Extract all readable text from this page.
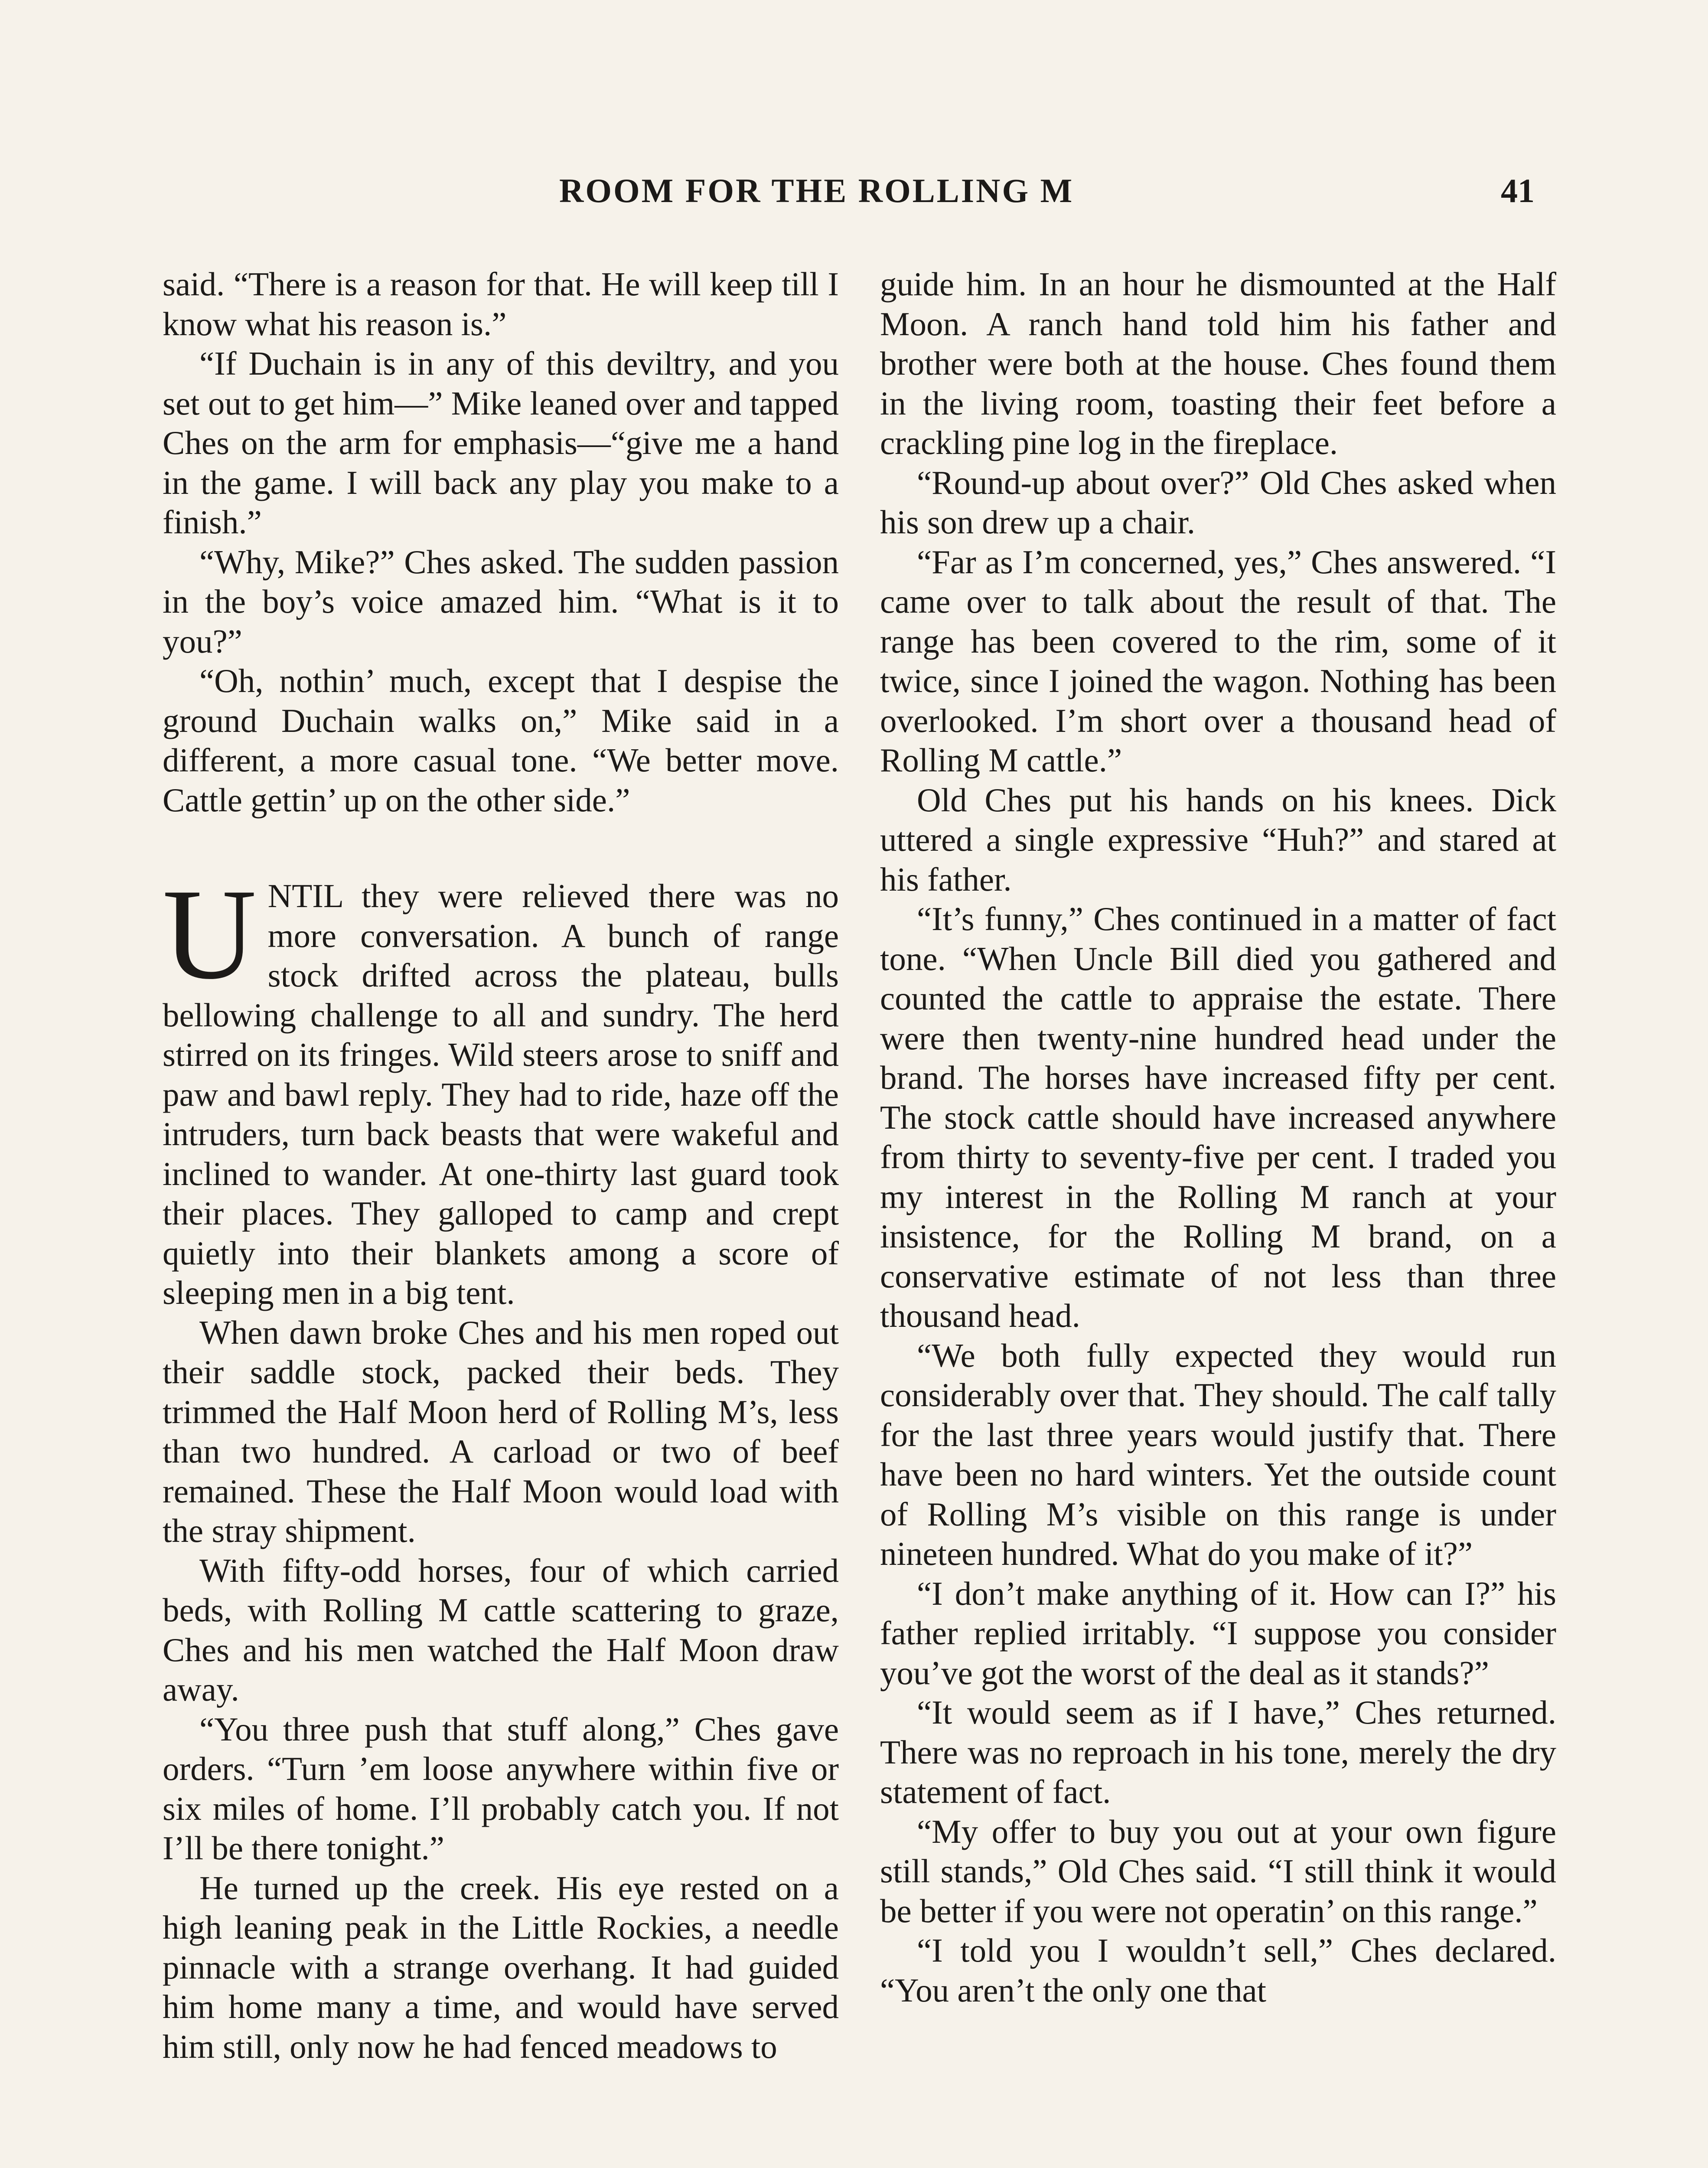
ROOM FOR THE ROLLING M	41

said. “There is a reason for that. He will keep till I know what his reason is.”

“If Duchain is in any of this deviltry, and you set out to get him—” Mike leaned over and tapped Ches on the arm for emphasis—“give me a hand in the game. I will back any play you make to a finish.”

“Why, Mike?” Ches asked. The sudden passion in the boy’s voice amazed him. “What is it to you?”

“Oh, nothin’ much, except that I despise the ground Duchain walks on,” Mike said in a different, a more casual tone. “We better move. Cattle gettin’ up on the other side.”

UNTIL they were relieved there was no more conversation. A bunch of range stock drifted across the plateau, bulls bellowing challenge to all and sundry. The herd stirred on its fringes. Wild steers arose to sniff and paw and bawl reply. They had to ride, haze off the intruders, turn back beasts that were wakeful and inclined to wander. At one-thirty last guard took their places. They galloped to camp and crept quietly into their blankets among a score of sleeping men in a big tent.

When dawn broke Ches and his men roped out their saddle stock, packed their beds. They trimmed the Half Moon herd of Rolling M’s, less than two hundred. A carload or two of beef remained. These the Half Moon would load with the stray shipment.

With fifty-odd horses, four of which carried beds, with Rolling M cattle scattering to graze, Ches and his men watched the Half Moon draw away.

“You three push that stuff along,” Ches gave orders. “Turn ’em loose anywhere within five or six miles of home. I’ll probably catch you. If not I’ll be there tonight.”

He turned up the creek. His eye rested on a high leaning peak in the Little Rockies, a needle pinnacle with a strange overhang. It had guided him home many a time, and would have served him still, only now he had fenced meadows to

guide him. In an hour he dismounted at the Half Moon. A ranch hand told him his father and brother were both at the house. Ches found them in the living room, toasting their feet before a crackling pine log in the fireplace.

“Round-up about over?” Old Ches asked when his son drew up a chair.

“Far as I’m concerned, yes,” Ches answered. “I came over to talk about the result of that. The range has been covered to the rim, some of it twice, since I joined the wagon. Nothing has been overlooked. I’m short over a thousand head of Rolling M cattle.”

Old Ches put his hands on his knees. Dick uttered a single expressive “Huh?” and stared at his father.

“It’s funny,” Ches continued in a matter of fact tone. “When Uncle Bill died you gathered and counted the cattle to appraise the estate. There were then twenty-nine hundred head under the brand. The horses have increased fifty per cent. The stock cattle should have increased anywhere from thirty to seventy-five per cent. I traded you my interest in the Rolling M ranch at your insistence, for the Rolling M brand, on a conservative estimate of not less than three thousand head.

“We both fully expected they would run considerably over that. They should. The calf tally for the last three years would justify that. There have been no hard winters. Yet the outside count of Rolling M’s visible on this range is under nineteen hundred. What do you make of it?”

“I don’t make anything of it. How can I?” his father replied irritably. “I suppose you consider you’ve got the worst of the deal as it stands?”

“It would seem as if I have,” Ches returned. There was no reproach in his tone, merely the dry statement of fact.

“My offer to buy you out at your own figure still stands,” Old Ches said. “I still think it would be better if you were not operatin’ on this range.”

“I told you I wouldn’t sell,” Ches declared. “You aren’t the only one that
